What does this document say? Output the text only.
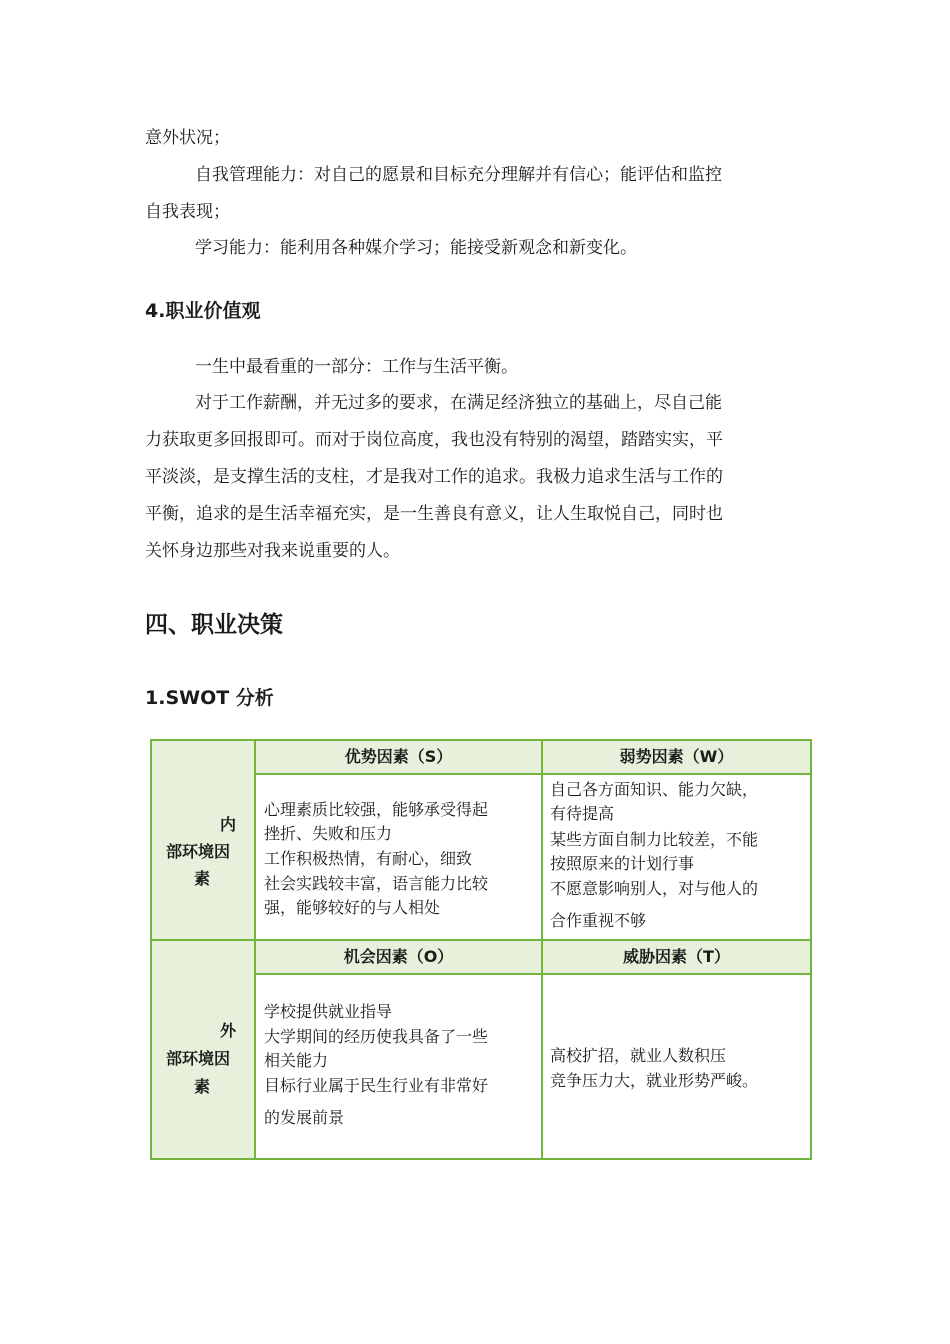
意外状况；
自我管理能力：对自己的愿景和目标充分理解并有信心；能评估和监控
自我表现；
学习能力：能利用各种媒介学习；能接受新观念和新变化。
4.职业价值观
一生中最看重的一部分：工作与生活平衡。
对于工作薪酬，并无过多的要求，在满足经济独立的基础上，尽自己能
力获取更多回报即可。而对于岗位高度，我也没有特别的渴望，踏踏实实，平
平淡淡，是支撑生活的支柱，才是我对工作的追求。我极力追求生活与工作的
平衡，追求的是生活幸福充实，是一生善良有意义，让人生取悦自己，同时也
关怀身边那些对我来说重要的人。
四、职业决策
1.SWOT 分析
内
部环境因
素
外
部环境因
素
优势因素（S）	弱势因素（W）
机会因素（O）	威胁因素（T）
心理素质比较强，能够承受得起
挫折、失败和压力
工作积极热情，有耐心，细致
社会实践较丰富，语言能力比较
强，能够较好的与人相处
自己各方面知识、能力欠缺，
有待提高
某些方面自制力比较差，不能
按照原来的计划行事
不愿意影响别人，对与他人的
合作重视不够
学校提供就业指导
大学期间的经历使我具备了一些
相关能力
目标行业属于民生行业有非常好
的发展前景
高校扩招，就业人数积压
竞争压力大，就业形势严峻。
